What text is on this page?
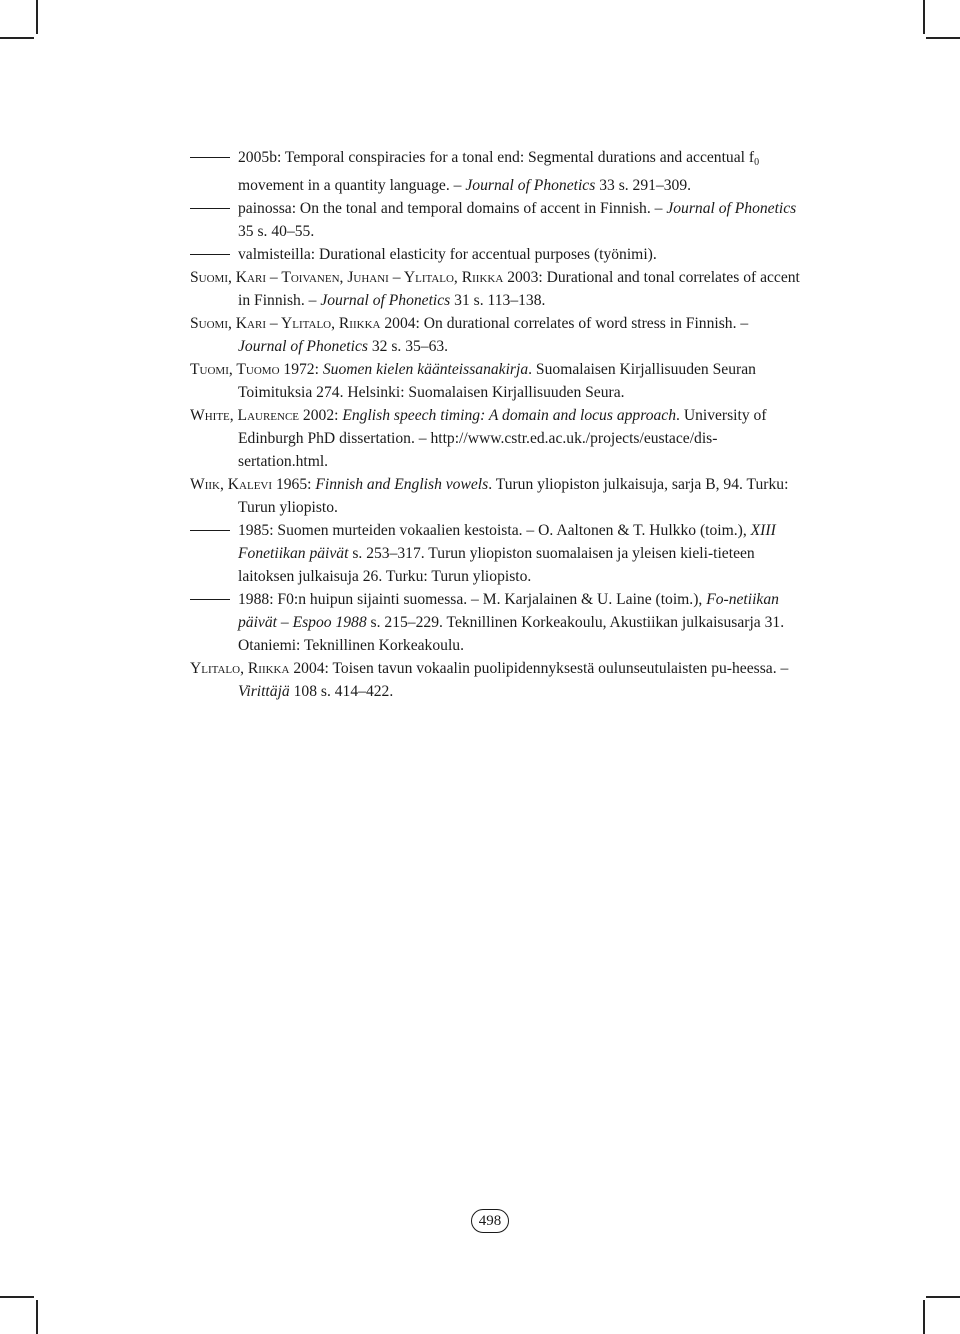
2005b: Temporal conspiracies for a tonal end: Segmental durations and accentual $f_0$ movement in a quantity language. – Journal of Phonetics 33 s. 291–309.

painossa: On the tonal and temporal domains of accent in Finnish. – Journal of Phonetics 35 s. 40–55.

valmisteilla: Durational elasticity for accentual purposes (työnimi).

Suomi, Kari – Toivanen, Juhani – Ylitalo, Riikka 2003: Durational and tonal correlates of accent in Finnish. – Journal of Phonetics 31 s. 113–138.

Suomi, Kari – Ylitalo, Riikka 2004: On durational correlates of word stress in Finnish. – Journal of Phonetics 32 s. 35–63.

Tuomi, Tuomo 1972: Suomen kielen käänteissanakirja. Suomalaisen Kirjallisuuden Seuran Toimituksia 274. Helsinki: Suomalaisen Kirjallisuuden Seura.

White, Laurence 2002: English speech timing: A domain and locus approach. University of Edinburgh PhD dissertation. – http://www.cstr.ed.ac.uk./projects/eustace/dis-sertation.html.

Wiik, Kalevi 1965: Finnish and English vowels. Turun yliopiston julkaisuja, sarja B, 94. Turku: Turun yliopisto.

1985: Suomen murteiden vokaalien kestoista. – O. Aaltonen & T. Hulkko (toim.), XIII Fonetiikan päivät s. 253–317. Turun yliopiston suomalaisen ja yleisen kieli-tieteen laitoksen julkaisuja 26. Turku: Turun yliopisto.

1988: F0:n huipun sijainti suomessa. – M. Karjalainen & U. Laine (toim.), Fo-netiikan päivät – Espoo 1988 s. 215–229. Teknillinen Korkeakoulu, Akustiikan julkaisusarja 31. Otaniemi: Teknillinen Korkeakoulu.

Ylitalo, Riikka 2004: Toisen tavun vokaalin puolipidennyksestä oulunseutulaisten pu-heessa. – Virittäjä 108 s. 414–422.

498
